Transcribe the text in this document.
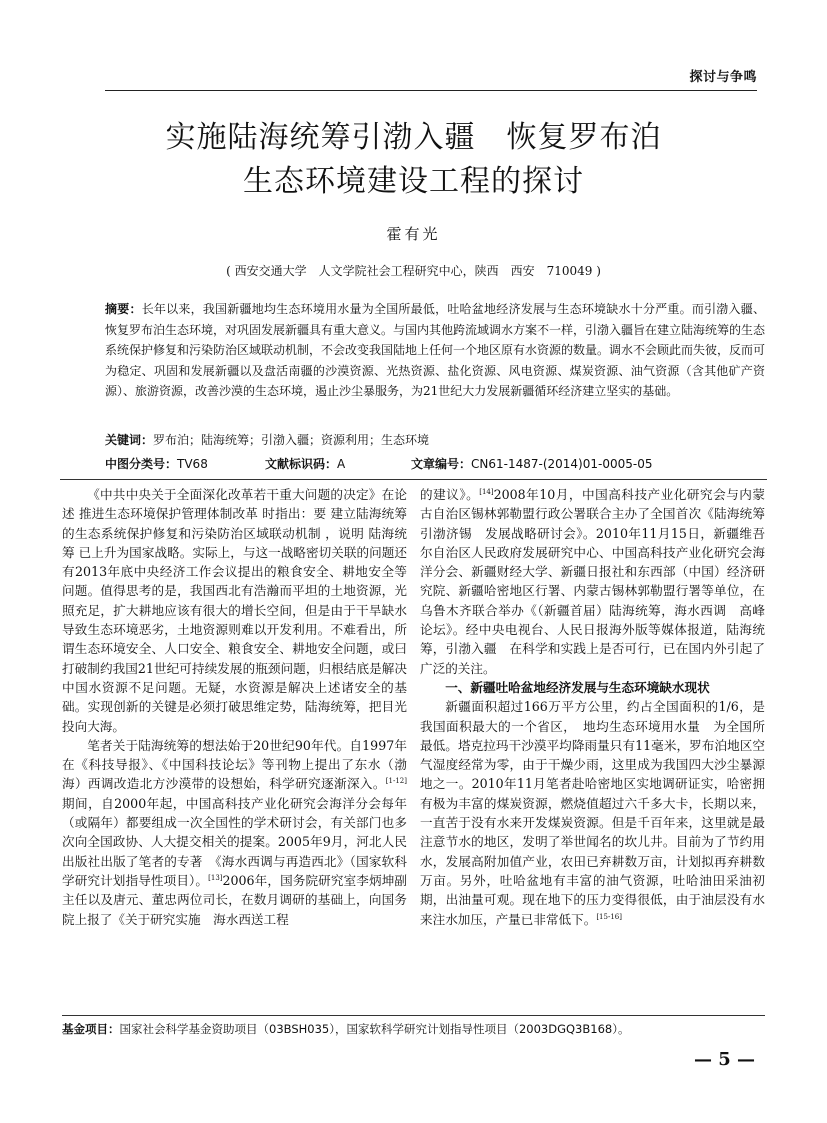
探讨与争鸣
实施陆海统筹引渤入疆　恢复罗布泊
生态环境建设工程的探讨
霍有光
( 西安交通大学　人文学院社会工程研究中心，陕西　西安　710049 )
摘要：长年以来，我国新疆地均生态环境用水量为全国所最低，吐哈盆地经济发展与生态环境缺水十分严重。而引渤入疆、恢复罗布泊生态环境，对巩固发展新疆具有重大意义。与国内其他跨流域调水方案不一样，引渤入疆旨在建立陆海统筹的生态系统保护修复和污染防治区域联动机制，不会改变我国陆地上任何一个地区原有水资源的数量。调水不会顾此而失彼，反而可为稳定、巩固和发展新疆以及盘活南疆的沙漠资源、光热资源、盐化资源、风电资源、煤炭资源、油气资源（含其他矿产资源）、旅游资源，改善沙漠的生态环境，遏止沙尘暴服务，为21世纪大力发展新疆循环经济建立坚实的基础。
关键词：罗布泊；陆海统筹；引渤入疆；资源利用；生态环境
中图分类号：TV68	文献标识码：A	文章编号：CN61-1487-(2014)01-0005-05

《中共中央关于全面深化改革若干重大问题的决定》在论述 推进生态环境保护管理体制改革 时指出：要 建立陆海统筹的生态系统保护修复和污染防治区域联动机制 ，说明 陆海统筹 已上升为国家战略。实际上，与这一战略密切关联的问题还有2013年底中央经济工作会议提出的粮食安全、耕地安全等问题。值得思考的是，我国西北有浩瀚而平坦的土地资源，光照充足，扩大耕地应该有很大的增长空间，但是由于干旱缺水导致生态环境恶劣，土地资源则难以开发利用。不难看出，所谓生态环境安全、人口安全、粮食安全、耕地安全问题，或曰打破制约我国21世纪可持续发展的瓶颈问题，归根结底是解决中国水资源不足问题。无疑，水资源是解决上述诸安全的基础。实现创新的关键是必须打破思维定势，陆海统筹，把目光投向大海。

笔者关于陆海统筹的想法始于20世纪90年代。自1997年在《科技导报》、《中国科技论坛》等刊物上提出了东水（渤海）西调改造北方沙漠带的设想始，科学研究逐渐深入。[1-12]期间，自2000年起，中国高科技产业化研究会海洋分会每年（或隔年）都要组成一次全国性的学术研讨会，有关部门也多次向全国政协、人大提交相关的提案。2005年9月，河北人民出版社出版了笔者的专著　《海水西调与再造西北》（国家软科学研究计划指导性项目）。[13]2006年，国务院研究室李炳坤副主任以及唐元、董忠两位司长，在数月调研的基础上，向国务院上报了《关于研究实施　海水西送工程

的建议》。[14]2008年10月，中国高科技产业化研究会与内蒙古自治区锡林郭勒盟行政公署联合主办了全国首次《陆海统筹　引渤济锡　发展战略研讨会》。2010年11月15日，新疆维吾尔自治区人民政府发展研究中心、中国高科技产业化研究会海洋分会、新疆财经大学、新疆日报社和东西部（中国）经济研究院、新疆哈密地区行署、内蒙古锡林郭勒盟行署等单位，在乌鲁木齐联合举办《（新疆首届）陆海统筹，海水西调　高峰论坛》。经中央电视台、人民日报海外版等媒体报道，陆海统筹，引渤入疆　在科学和实践上是否可行，已在国内外引起了广泛的关注。

一、新疆吐哈盆地经济发展与生态环境缺水现状

新疆面积超过166万平方公里，约占全国面积的1/6，是我国面积最大的一个省区，　地均生态环境用水量　为全国所最低。塔克拉玛干沙漠平均降雨量只有11毫米，罗布泊地区空气湿度经常为零，由于干燥少雨，这里成为我国四大沙尘暴源地之一。2010年11月笔者赴哈密地区实地调研证实，哈密拥有极为丰富的煤炭资源，燃烧值超过六千多大卡，长期以来，一直苦于没有水来开发煤炭资源。但是千百年来，这里就是最注意节水的地区，发明了举世闻名的坎儿井。目前为了节约用水，发展高附加值产业，农田已弃耕数万亩，计划拟再弃耕数万亩。另外，吐哈盆地有丰富的油气资源，吐哈油田采油初期，出油量可观。现在地下的压力变得很低，由于油层没有水来注水加压，产量已非常低下。[15-16]

基金项目：国家社会科学基金资助项目（03BSH035），国家软科学研究计划指导性项目（2003DGQ3B168）。
— 5 —
